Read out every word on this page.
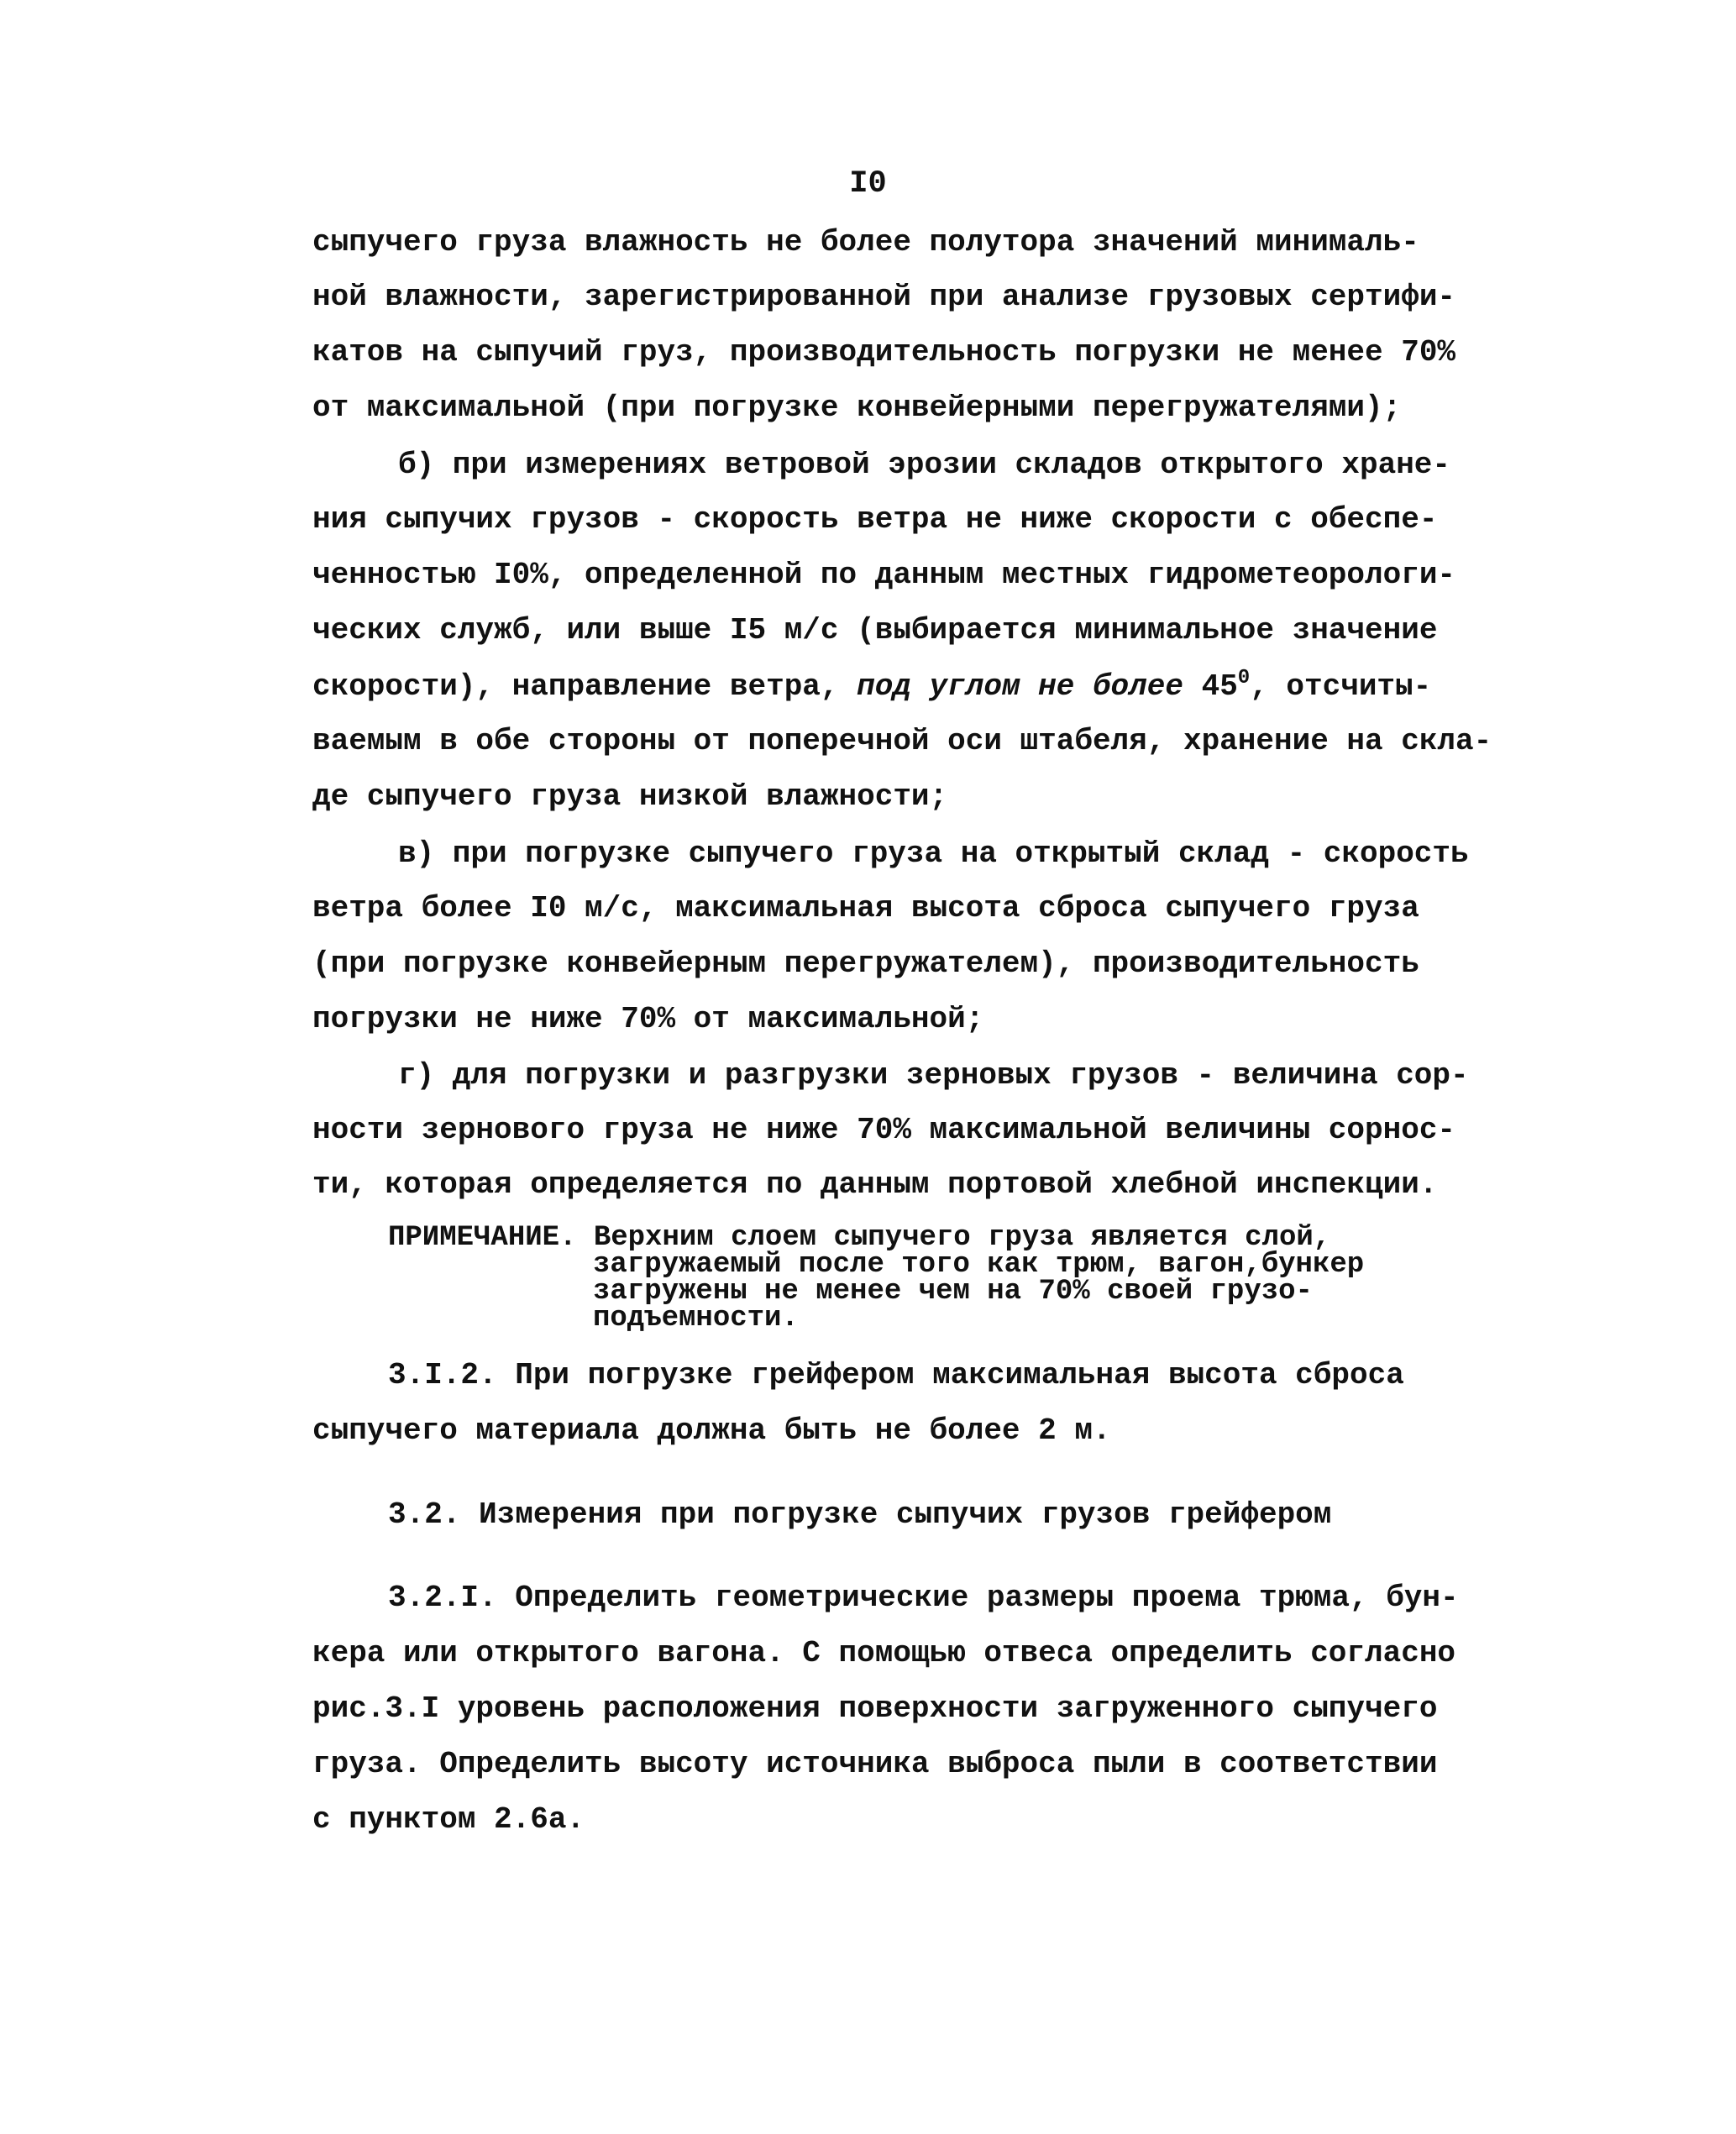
I0
сыпучего груза влажность не более полутора значений минималь-
ной влажности, зарегистрированной при анализе грузовых сертифи-
катов на сыпучий груз, производительность погрузки не менее 70%
от максимальной (при погрузке конвейерными перегружателями);
б) при измерениях ветровой эрозии складов открытого хране-
ния сыпучих грузов - скорость ветра не ниже скорости с обеспе-
ченностью I0%, определенной по данным местных гидрометеорологи-
ческих служб, или выше I5 м/с (выбирается минимальное значение
скорости), направление ветра, под углом не более $45^0$, отсчиты-
ваемым в обе стороны от поперечной оси штабеля, хранение на скла-
де сыпучего груза низкой влажности;
в) при погрузке сыпучего груза на открытый склад - скорость
ветра более I0 м/с, максимальная высота сброса сыпучего груза
(при погрузке конвейерным перегружателем), производительность
погрузки не ниже 70% от максимальной;
г) для погрузки и разгрузки зерновых грузов - величина сор-
ности зернового груза не ниже 70% максимальной величины сорнос-
ти, которая определяется по данным портовой хлебной инспекции.
ПРИМЕЧАНИЕ. Верхним слоем сыпучего груза является слой,
загружаемый после того как трюм, вагон,бункер
загружены не менее чем на 70% своей грузо-
подъемности.
3.I.2. При погрузке грейфером максимальная высота сброса
сыпучего материала должна быть не более 2 м.
3.2. Измерения при погрузке сыпучих грузов грейфером
3.2.I. Определить геометрические размеры проема трюма, бун-
кера или открытого вагона. С помощью отвеса определить согласно
рис.3.I уровень расположения поверхности загруженного сыпучего
груза. Определить высоту источника выброса пыли в соответствии
с пунктом 2.6а.
